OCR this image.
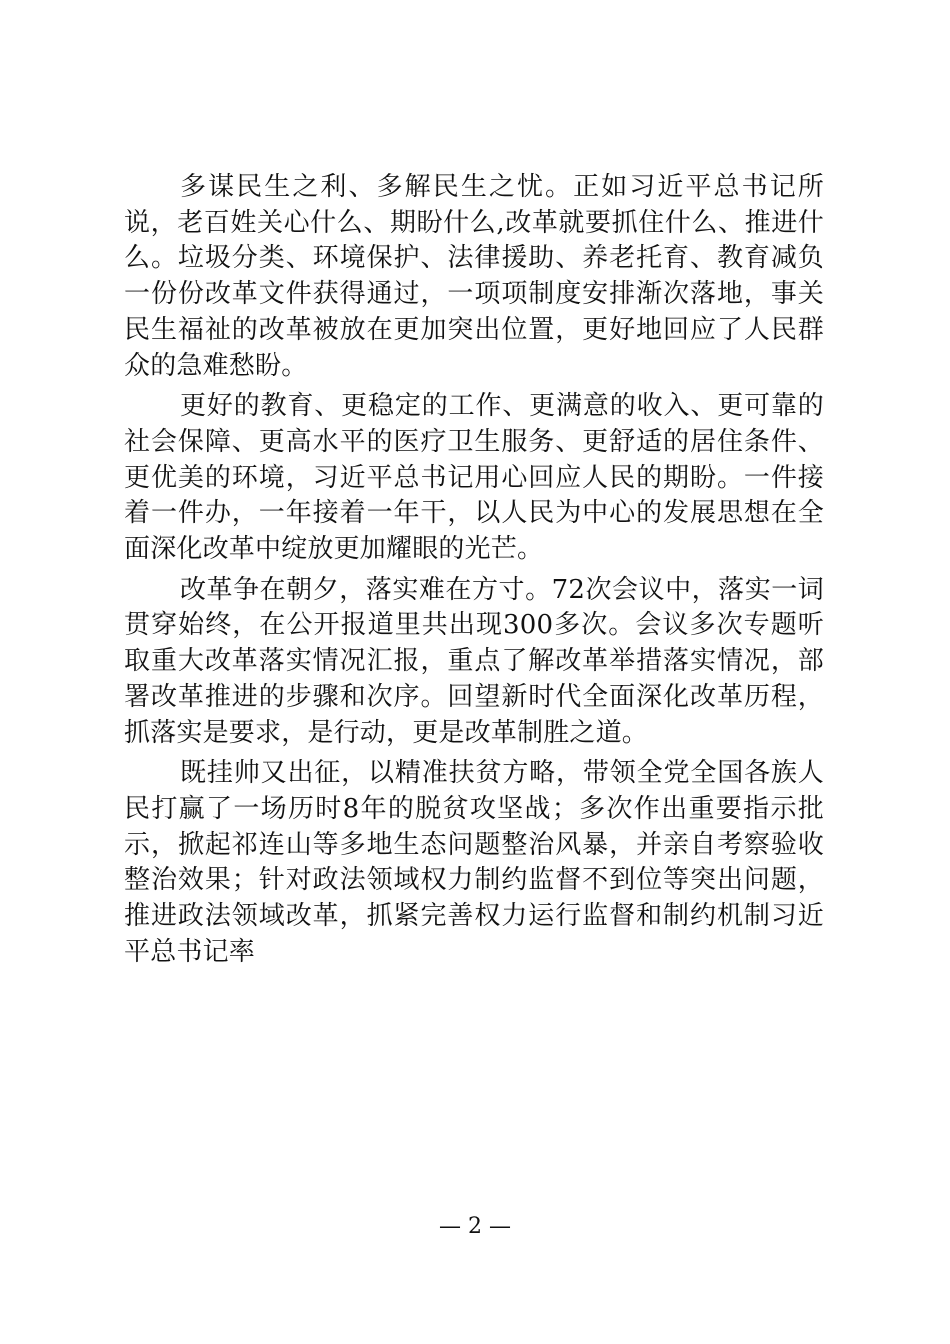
多谋民生之利、多解民生之忧。正如习近平总书记所说，老百姓关心什么、期盼什么,改革就要抓住什么、推进什么。垃圾分类、环境保护、法律援助、养老托育、教育减负一份份改革文件获得通过，一项项制度安排渐次落地，事关民生福祉的改革被放在更加突出位置，更好地回应了人民群众的急难愁盼。

更好的教育、更稳定的工作、更满意的收入、更可靠的社会保障、更高水平的医疗卫生服务、更舒适的居住条件、更优美的环境，习近平总书记用心回应人民的期盼。一件接着一件办，一年接着一年干，以人民为中心的发展思想在全面深化改革中绽放更加耀眼的光芒。

改革争在朝夕，落实难在方寸。72次会议中，落实一词贯穿始终，在公开报道里共出现300多次。会议多次专题听取重大改革落实情况汇报，重点了解改革举措落实情况，部署改革推进的步骤和次序。回望新时代全面深化改革历程，抓落实是要求，是行动，更是改革制胜之道。

既挂帅又出征，以精准扶贫方略，带领全党全国各族人民打赢了一场历时8年的脱贫攻坚战；多次作出重要指示批示，掀起祁连山等多地生态问题整治风暴，并亲自考察验收整治效果；针对政法领域权力制约监督不到位等突出问题，推进政法领域改革，抓紧完善权力运行监督和制约机制习近平总书记率

— 2 —
